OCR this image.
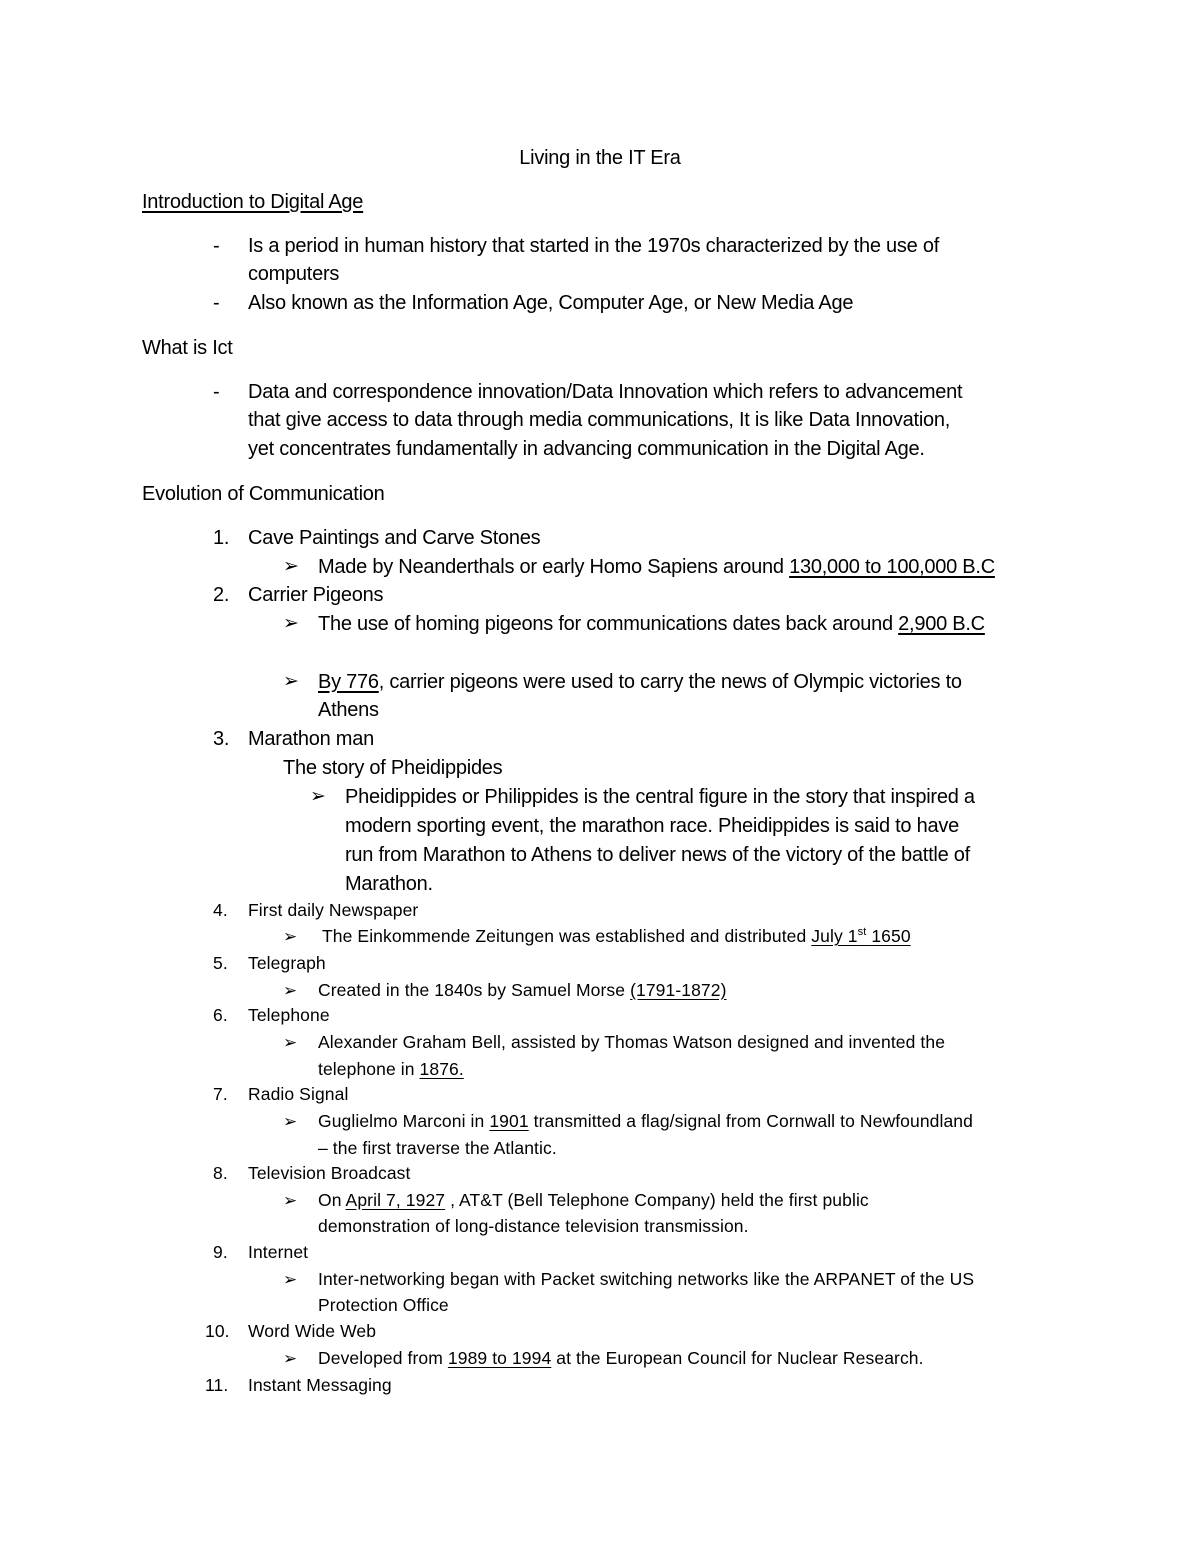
Living in the IT Era
Introduction to Digital Age
- Is a period in human history that started in the 1970s characterized by the use of
computers
- Also known as the Information Age, Computer Age, or New Media Age
What is Ict
- Data and correspondence innovation/Data Innovation which refers to advancement
that give access to data through media communications, It is like Data Innovation,
yet concentrates fundamentally in advancing communication in the Digital Age.
Evolution of Communication
1. Cave Paintings and Carve Stones
➢ Made by Neanderthals or early Homo Sapiens around 130,000 to 100,000 B.C
2. Carrier Pigeons
➢ The use of homing pigeons for communications dates back around 2,900 B.C
➢ By 776, carrier pigeons were used to carry the news of Olympic victories to
Athens
3. Marathon man
The story of Pheidippides
➢ Pheidippides or Philippides is the central figure in the story that inspired a
modern sporting event, the marathon race. Pheidippides is said to have
run from Marathon to Athens to deliver news of the victory of the battle of
Marathon.
4. First daily Newspaper
➢ The Einkommende Zeitungen was established and distributed July 1st 1650
5. Telegraph
➢ Created in the 1840s by Samuel Morse (1791-1872)
6. Telephone
➢ Alexander Graham Bell, assisted by Thomas Watson designed and invented the
telephone in 1876.
7. Radio Signal
➢ Guglielmo Marconi in 1901 transmitted a flag/signal from Cornwall to Newfoundland
– the first traverse the Atlantic.
8. Television Broadcast
➢ On April 7, 1927 , AT&T (Bell Telephone Company) held the first public
demonstration of long-distance television transmission.
9. Internet
➢ Inter-networking began with Packet switching networks like the ARPANET of the US
Protection Office
10. Word Wide Web
➢ Developed from 1989 to 1994 at the European Council for Nuclear Research.
11. Instant Messaging
